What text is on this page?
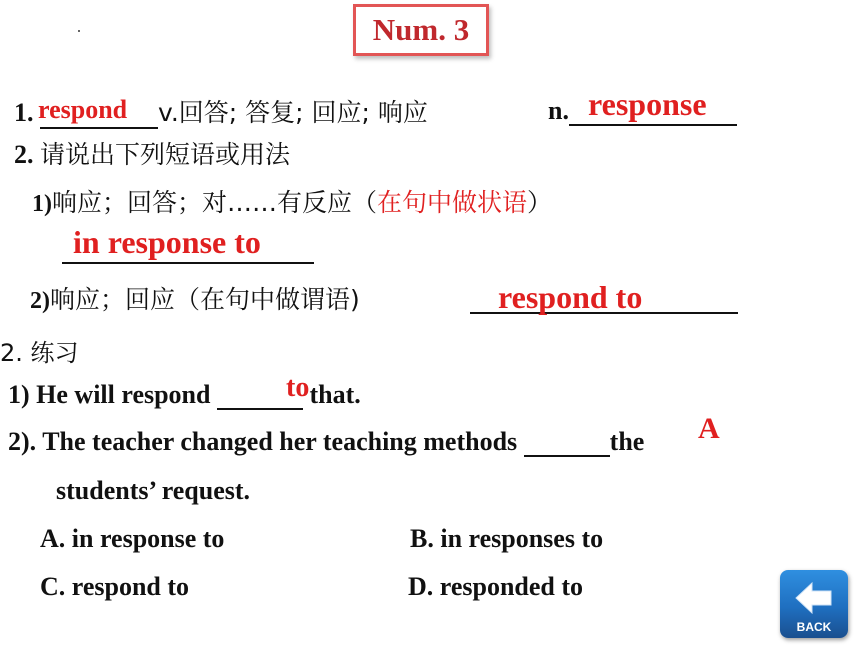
Num. 3
1. respond	v.回答; 答复; 回应; 响应	n. response
2. 请说出下列短语或用法
1)响应；回答；对……有反应（在句中做状语）
in response to
2)响应；回应（在句中做谓语)	respond to
2. 练习
1) He will respond	that.
to
2). The teacher changed her teaching methods	the A
students’ request.
A. in response to	B. in responses to
C. respond to	D. responded to
BACK
